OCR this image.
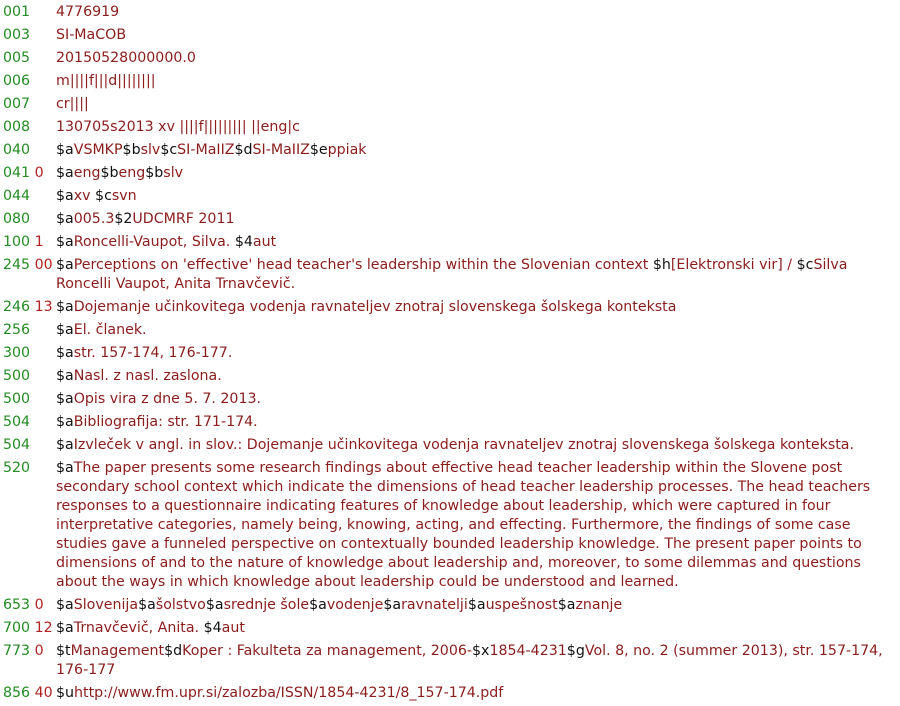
001	4776919
003	SI-MaCOB
005	20150528000000.0
006	m||||f|||d||||||||
007	cr||||
008	130705s2013 xv ||||f||||||||| ||eng|c
040	$aVSMKP$bslv$cSI-MaIIZ$dSI-MaIIZ$eppiak
041 0 $aeng$beng$bslv
044	$axv $csvn
080	$a005.3$2UDCMRF 2011
100 1 $aRoncelli-Vaupot, Silva. $4aut
245 00 $aPerceptions on 'effective' head teacher's leadership within the Slovenian context $h[Elektronski vir] / $cSilva Roncelli Vaupot, Anita Trnavčevič.
246 13 $aDojemanje učinkovitega vodenja ravnateljev znotraj slovenskega šolskega konteksta
256	$aEl. članek.
300	$astr. 157-174, 176-177.
500	$aNasl. z nasl. zaslona.
500	$aOpis vira z dne 5. 7. 2013.
504	$aBibliografija: str. 171-174.
504	$aIzvleček v angl. in slov.: Dojemanje učinkovitega vodenja ravnateljev znotraj slovenskega šolskega konteksta.
520	$aThe paper presents some research findings about effective head teacher leadership within the Slovene post secondary school context which indicate the dimensions of head teacher leadership processes. The head teachers responses to a questionnaire indicating features of knowledge about leadership, which were captured in four interpretative categories, namely being, knowing, acting, and effecting. Furthermore, the findings of some case studies gave a funneled perspective on contextually bounded leadership knowledge. The present paper points to dimensions of and to the nature of knowledge about leadership and, moreover, to some dilemmas and questions about the ways in which knowledge about leadership could be understood and learned.
653 0 $aSlovenija$ašolstvo$asrednje šole$avodenje$aravnatelji$auspešnost$aznanje
700 12 $aTrnavčevič, Anita. $4aut
773 0 $tManagement$dKoper : Fakulteta za management, 2006-$x1854-4231$gVol. 8, no. 2 (summer 2013), str. 157-174, 176-177
856 40 $uhttp://www.fm.upr.si/zalozba/ISSN/1854-4231/8_157-174.pdf
